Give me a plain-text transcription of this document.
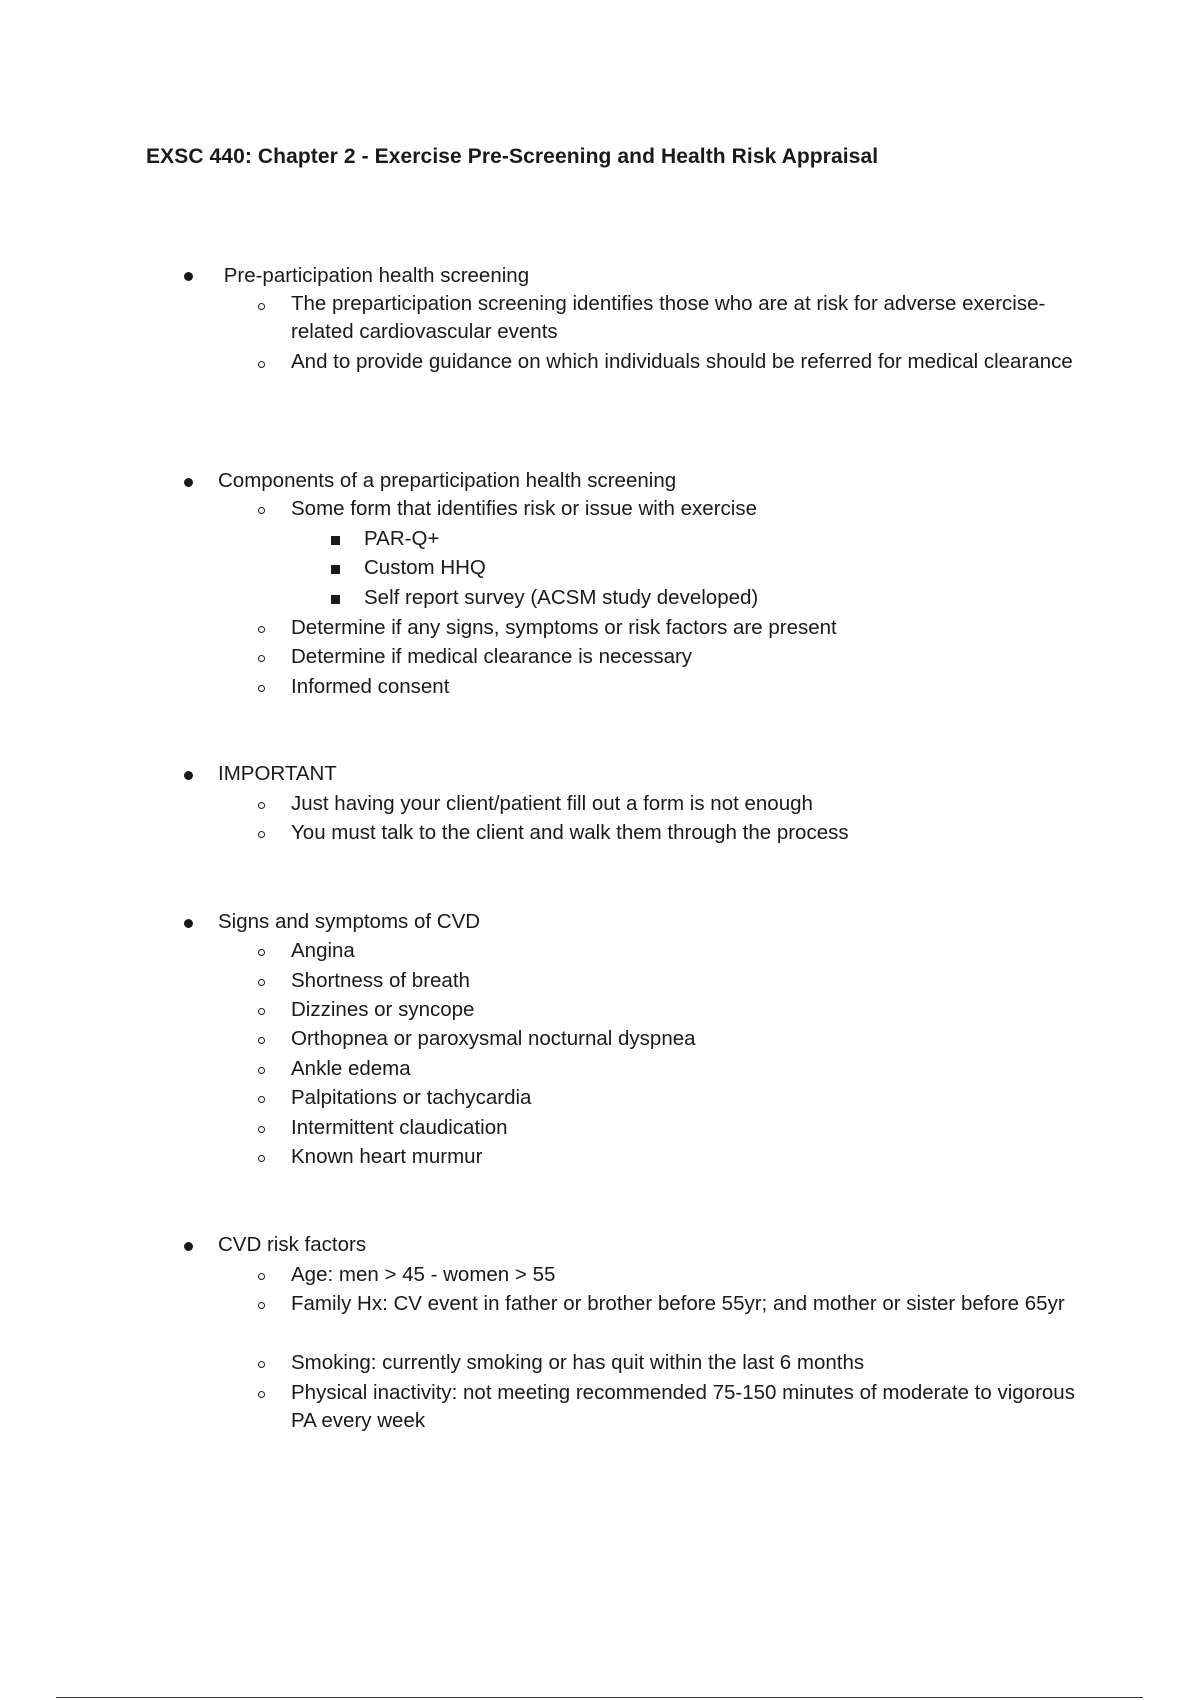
EXSC 440: Chapter 2 - Exercise Pre-Screening and Health Risk Appraisal
Pre-participation health screening
The preparticipation screening identifies those who are at risk for adverse exercise-related cardiovascular events
And to provide guidance on which individuals should be referred for medical clearance
Components of a preparticipation health screening
Some form that identifies risk or issue with exercise
PAR-Q+
Custom HHQ
Self report survey (ACSM study developed)
Determine if any signs, symptoms or risk factors are present
Determine if medical clearance is necessary
Informed consent
IMPORTANT
Just having your client/patient fill out a form is not enough
You must talk to the client and walk them through the process
Signs and symptoms of CVD
Angina
Shortness of breath
Dizzines or syncope
Orthopnea or paroxysmal nocturnal dyspnea
Ankle edema
Palpitations or tachycardia
Intermittent claudication
Known heart murmur
CVD risk factors
Age: men > 45 - women > 55
Family Hx: CV event in father or brother before 55yr; and mother or sister before 65yr
Smoking: currently smoking or has quit within the last 6 months
Physical inactivity: not meeting recommended 75-150 minutes of moderate to vigorous PA every week
